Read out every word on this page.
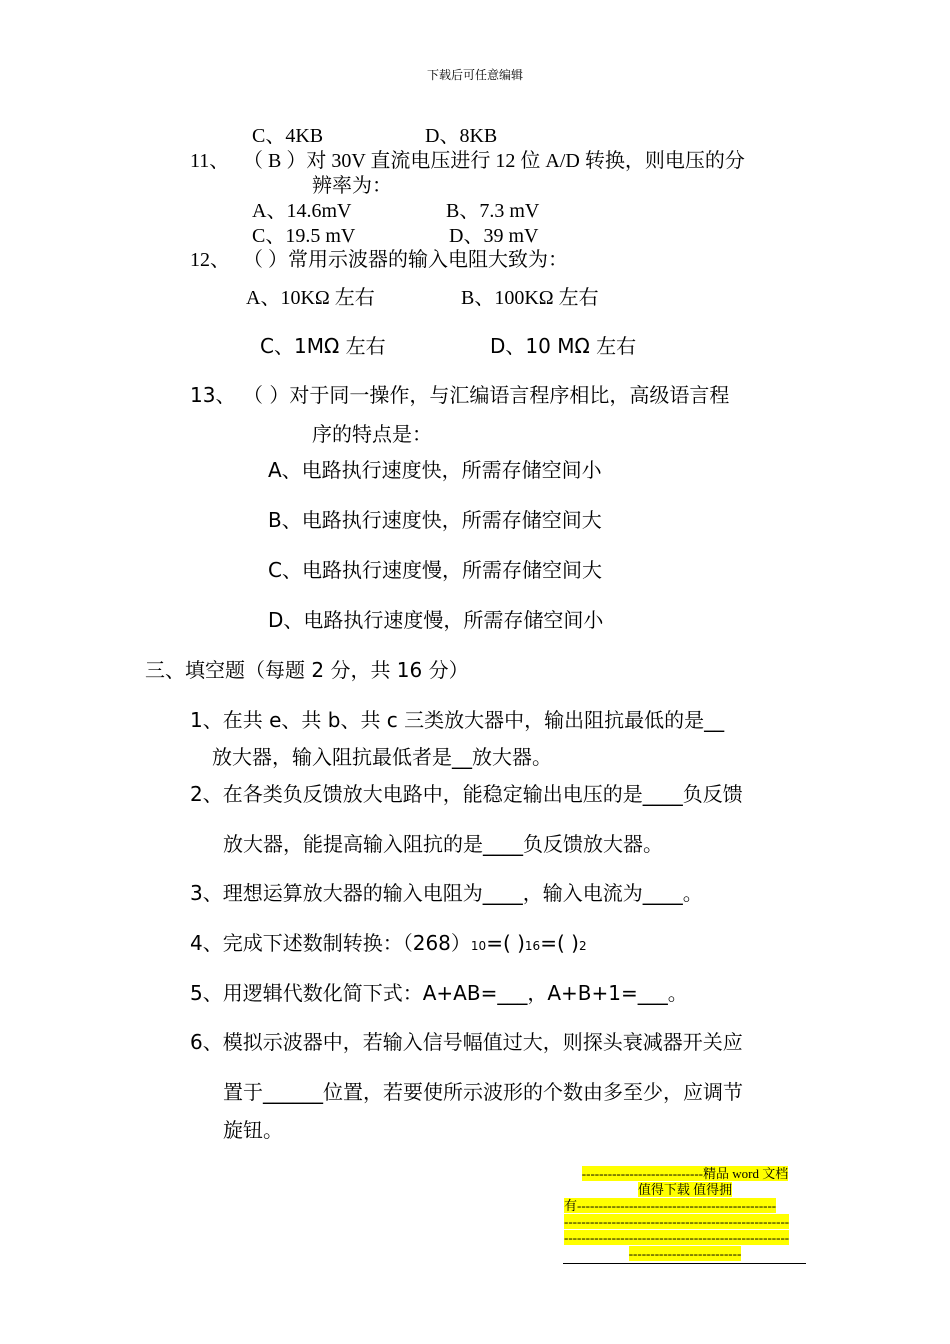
下载后可任意编辑
C、4KB	D、8KB
11、 （ B ）对 30V 直流电压进行 12 位 A/D 转换，则电压的分
辨率为：
A、14.6mV	B、7.3 mV
C、19.5 mV	D、39 mV
12、 （ ）常用示波器的输入电阻大致为：
A、10KΩ 左右	B、100KΩ 左右
C、1MΩ 左右	D、10 MΩ 左右
13、 （ ）对于同一操作，与汇编语言程序相比，高级语言程
序的特点是：
A、电路执行速度快，所需存储空间小
B、电路执行速度快，所需存储空间大
C、电路执行速度慢，所需存储空间大
D、电路执行速度慢，所需存储空间小
三、填空题（每题 2 分，共 16 分）
1、在共 e、共 b、共 c 三类放大器中，输出阻抗最低的是__
放大器，输入阻抗最低者是__放大器。
2、在各类负反馈放大电路中，能稳定输出电压的是____负反馈
放大器，能提高输入阻抗的是____负反馈放大器。
3、理想运算放大器的输入电阻为____，输入电流为____。
4、完成下述数制转换：（268）10=( )16=( )2
5、用逻辑代数化简下式：A+AB=___，A+B+1=___。
6、模拟示波器中，若输入信号幅值过大，则探头衰减器开关应
置于______位置，若要使所示波形的个数由多至少，应调节
旋钮。
----------------------------精品 word 文档
值得下载 值得拥
有----------------------------------------------
----------------------------------------------------
----------------------------------------------------
--------------------------
